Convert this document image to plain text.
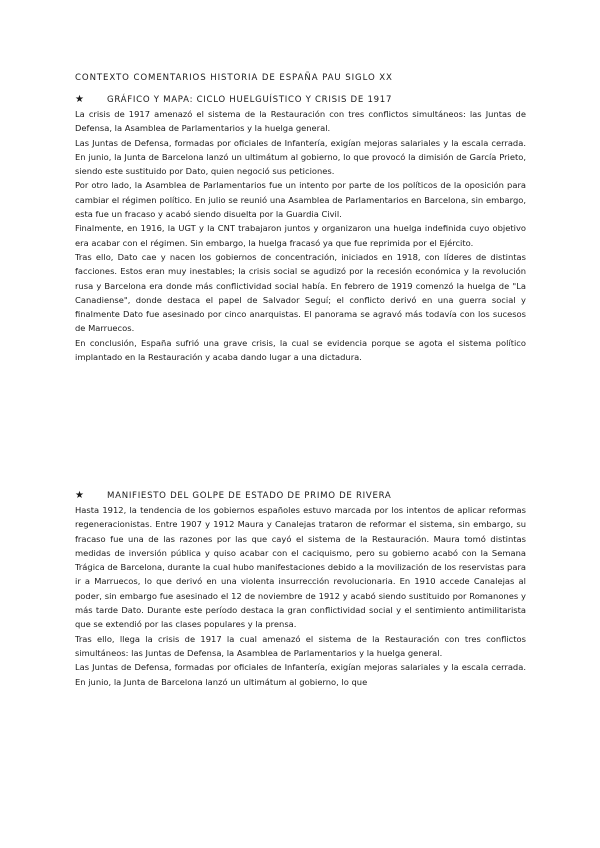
CONTEXTO COMENTARIOS HISTORIA DE ESPAÑA PAU SIGLO XX
★	GRÁFICO Y MAPA: CICLO HUELGUÍSTICO Y CRISIS DE 1917

La crisis de 1917 amenazó el sistema de la Restauración con tres conflictos simultáneos: las Juntas de Defensa, la Asamblea de Parlamentarios y la huelga general.

Las Juntas de Defensa, formadas por oficiales de Infantería, exigían mejoras salariales y la escala cerrada. En junio, la Junta de Barcelona lanzó un ultimátum al gobierno, lo que provocó la dimisión de García Prieto, siendo este sustituido por Dato, quien negoció sus peticiones.

Por otro lado, la Asamblea de Parlamentarios fue un intento por parte de los políticos de la oposición para cambiar el régimen político. En julio se reunió una Asamblea de Parlamentarios en Barcelona, sin embargo, esta fue un fracaso y acabó siendo disuelta por la Guardia Civil.

Finalmente, en 1916, la UGT y la CNT trabajaron juntos y organizaron una huelga indefinida cuyo objetivo era acabar con el régimen. Sin embargo, la huelga fracasó ya que fue reprimida por el Ejército.

Tras ello, Dato cae y nacen los gobiernos de concentración, iniciados en 1918, con líderes de distintas facciones. Estos eran muy inestables; la crisis social se agudizó por la recesión económica y la revolución rusa y Barcelona era donde más conflictividad social había. En febrero de 1919 comenzó la huelga de "La Canadiense", donde destaca el papel de Salvador Seguí; el conflicto derivó en una guerra social y finalmente Dato fue asesinado por cinco anarquistas. El panorama se agravó más todavía con los sucesos de Marruecos.

En conclusión, España sufrió una grave crisis, la cual se evidencia porque se agota el sistema político implantado en la Restauración y acaba dando lugar a una dictadura.

★	MANIFIESTO DEL GOLPE DE ESTADO DE PRIMO DE RIVERA

Hasta 1912, la tendencia de los gobiernos españoles estuvo marcada por los intentos de aplicar reformas regeneracionistas. Entre 1907 y 1912 Maura y Canalejas trataron de reformar el sistema, sin embargo, su fracaso fue una de las razones por las que cayó el sistema de la Restauración. Maura tomó distintas medidas de inversión pública y quiso acabar con el caciquismo, pero su gobierno acabó con la Semana Trágica de Barcelona, durante la cual hubo manifestaciones debido a la movilización de los reservistas para ir a Marruecos, lo que derivó en una violenta insurrección revolucionaria. En 1910 accede Canalejas al poder, sin embargo fue asesinado el 12 de noviembre de 1912 y acabó siendo sustituido por Romanones y más tarde Dato. Durante este período destaca la gran conflictividad social y el sentimiento antimilitarista que se extendió por las clases populares y la prensa.

Tras ello, llega la crisis de 1917 la cual amenazó el sistema de la Restauración con tres conflictos simultáneos: las Juntas de Defensa, la Asamblea de Parlamentarios y la huelga general.

Las Juntas de Defensa, formadas por oficiales de Infantería, exigían mejoras salariales y la escala cerrada. En junio, la Junta de Barcelona lanzó un ultimátum al gobierno, lo que
